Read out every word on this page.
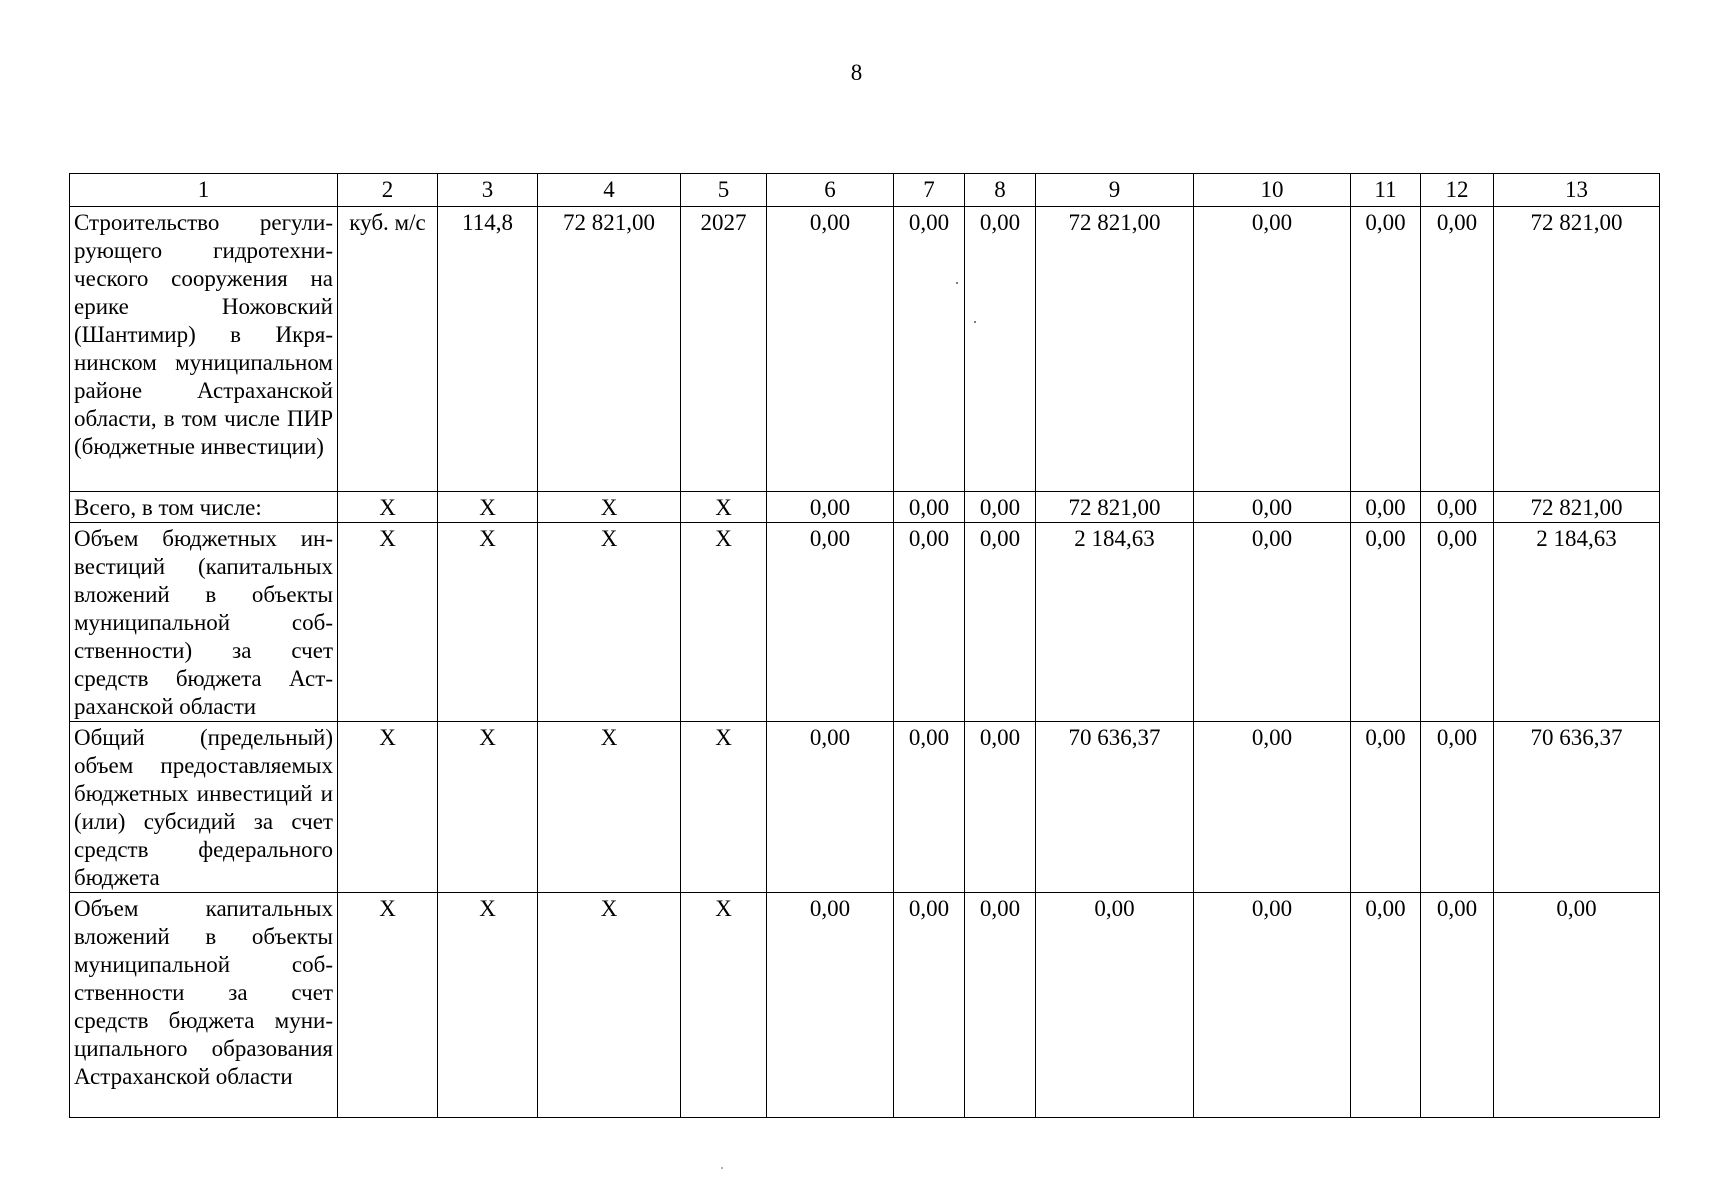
8
1	2	3	4	5	6	7	8	9	10	11	12	13
Строительство регулирующего гидротехнического сооружения на ерике Ножовский (Шантимир) в Икрянинском муниципальном районе Астраханской области, в том числе ПИР (бюджетные инвестиции)	куб. м/с	114,8	72 821,00	2027	0,00	0,00	0,00	72 821,00	0,00	0,00	0,00	72 821,00
Всего, в том числе:	Х	Х	Х	Х	0,00	0,00	0,00	72 821,00	0,00	0,00	0,00	72 821,00
Объем бюджетных инвестиций (капитальных вложений в объекты муниципальной собственности) за счет средств бюджета Астраханской области	Х	Х	Х	Х	0,00	0,00	0,00	2 184,63	0,00	0,00	0,00	2 184,63
Общий (предельный) объем предоставляемых бюджетных инвестиций и (или) субсидий за счет средств федерального бюджета	Х	Х	Х	Х	0,00	0,00	0,00	70 636,37	0,00	0,00	0,00	70 636,37
Объем капитальных вложений в объекты муниципальной собственности за счет средств бюджета муниципального образования Астраханской области	Х	Х	Х	Х	0,00	0,00	0,00	0,00	0,00	0,00	0,00	0,00
